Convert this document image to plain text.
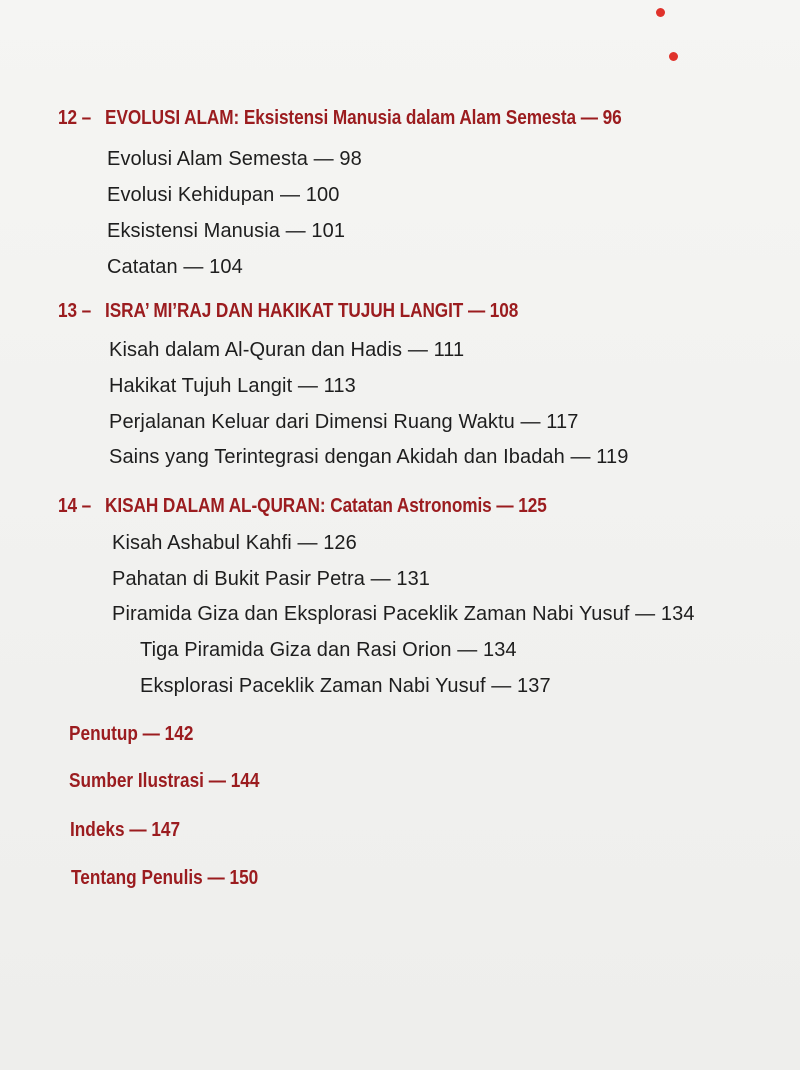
12 – EVOLUSI ALAM: Eksistensi Manusia dalam Alam Semesta — 96
Evolusi Alam Semesta — 98
Evolusi Kehidupan — 100
Eksistensi Manusia — 101
Catatan — 104
13 – ISRA’ MI’RAJ DAN HAKIKAT TUJUH LANGIT — 108
Kisah dalam Al-Quran dan Hadis — 111
Hakikat Tujuh Langit — 113
Perjalanan Keluar dari Dimensi Ruang Waktu — 117
Sains yang Terintegrasi dengan Akidah dan Ibadah — 119
14 – KISAH DALAM AL-QURAN: Catatan Astronomis — 125
Kisah Ashabul Kahfi — 126
Pahatan di Bukit Pasir Petra — 131
Piramida Giza dan Eksplorasi Paceklik Zaman Nabi Yusuf — 134
Tiga Piramida Giza dan Rasi Orion — 134
Eksplorasi Paceklik Zaman Nabi Yusuf — 137
Penutup — 142
Sumber Ilustrasi — 144
Indeks — 147
Tentang Penulis — 150
